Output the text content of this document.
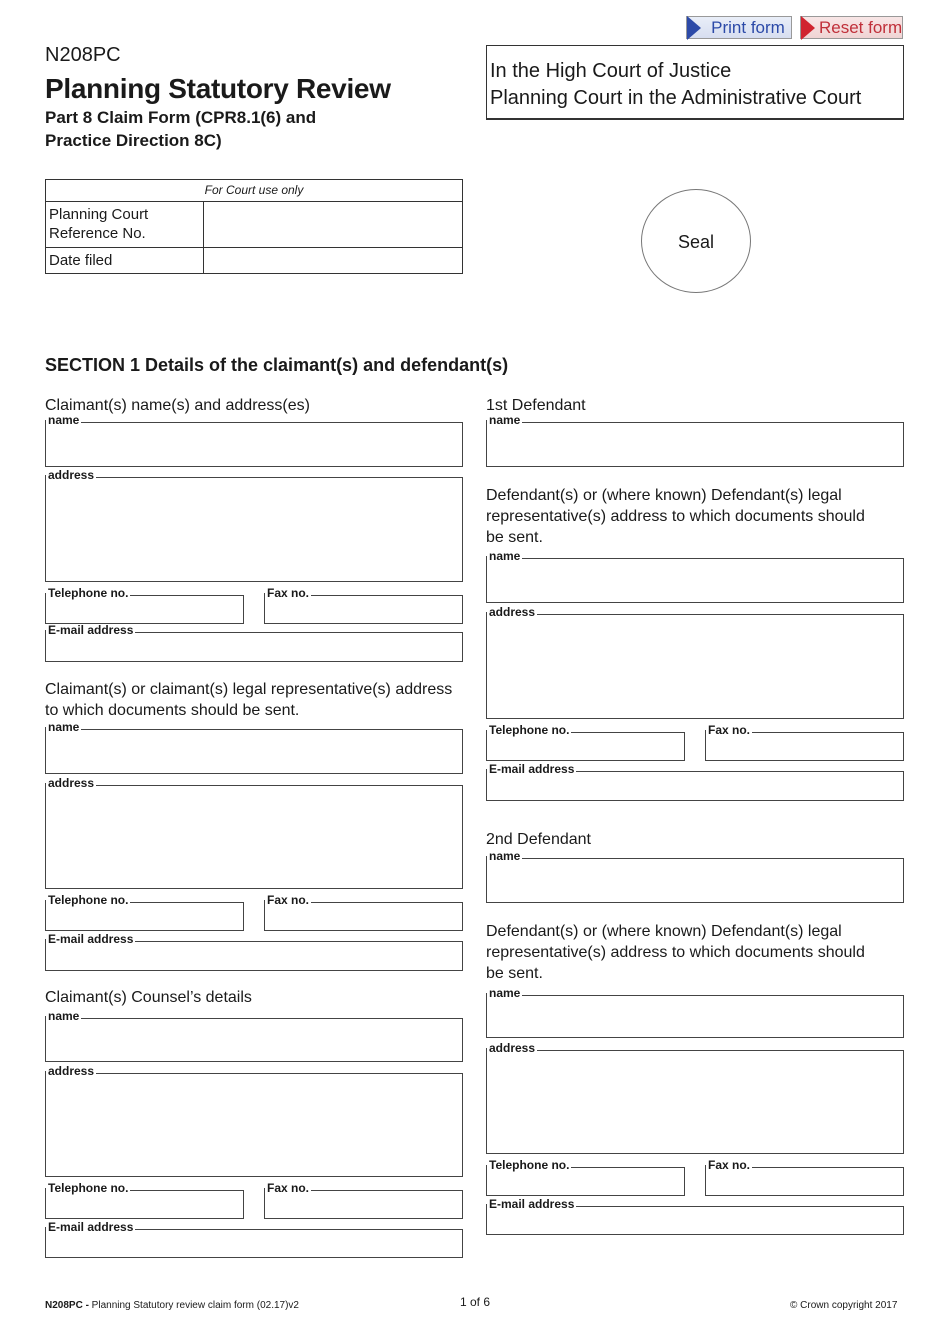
Print form	Reset form
N208PC
Planning Statutory Review
Part 8 Claim Form (CPR8.1(6) and Practice Direction 8C)
In the High Court of Justice
Planning Court in the Administrative Court
For Court use only
Planning Court Reference No.
Date filed
Seal
SECTION 1 Details of the claimant(s) and defendant(s)
Claimant(s) name(s) and address(es)
name
address
Telephone no.	Fax no.
E-mail address
Claimant(s) or claimant(s) legal representative(s) address to which documents should be sent.
name
address
Telephone no.	Fax no.
E-mail address
Claimant(s) Counsel’s details
name
address
Telephone no.	Fax no.
E-mail address
1st Defendant
name
Defendant(s) or (where known) Defendant(s) legal representative(s) address to which documents should be sent.
name
address
Telephone no.	Fax no.
E-mail address
2nd Defendant
name
Defendant(s) or (where known) Defendant(s) legal representative(s) address to which documents should be sent.
name
address
Telephone no.	Fax no.
E-mail address
N208PC - Planning Statutory review claim form (02.17)v2	1 of 6	© Crown copyright 2017
